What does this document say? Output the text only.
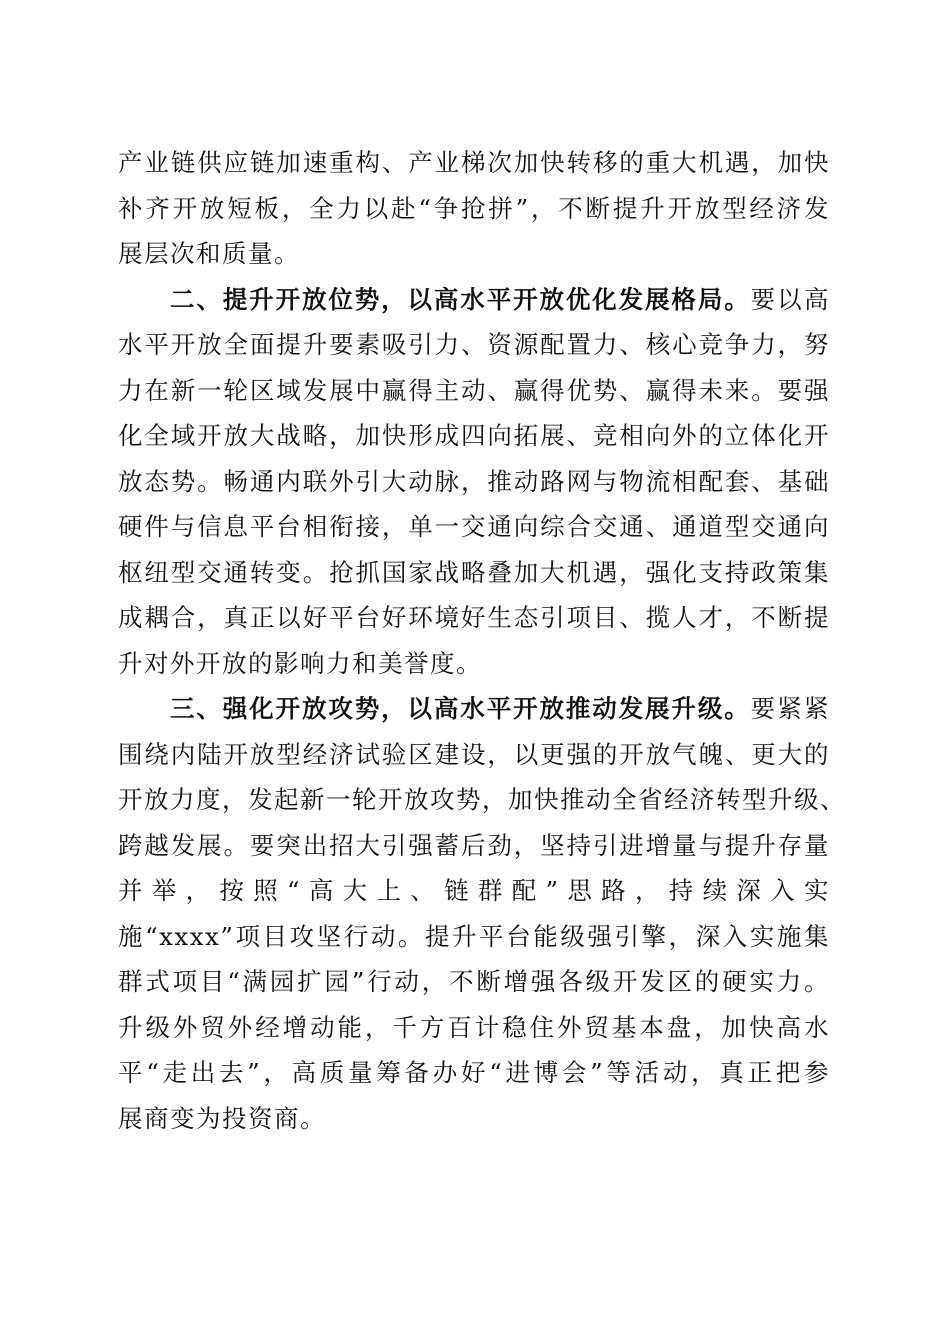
产业链供应链加速重构、产业梯次加快转移的重大机遇，加快
补齐开放短板，全力以赴“争抢拼”，不断提升开放型经济发
展层次和质量。
二、提升开放位势，以高水平开放优化发展格局。要以高
水平开放全面提升要素吸引力、资源配置力、核心竞争力，努
力在新一轮区域发展中赢得主动、赢得优势、赢得未来。要强
化全域开放大战略，加快形成四向拓展、竞相向外的立体化开
放态势。畅通内联外引大动脉，推动路网与物流相配套、基础
硬件与信息平台相衔接，单一交通向综合交通、通道型交通向
枢纽型交通转变。抢抓国家战略叠加大机遇，强化支持政策集
成耦合，真正以好平台好环境好生态引项目、揽人才，不断提
升对外开放的影响力和美誉度。
三、强化开放攻势，以高水平开放推动发展升级。要紧紧
围绕内陆开放型经济试验区建设，以更强的开放气魄、更大的
开放力度，发起新一轮开放攻势，加快推动全省经济转型升级、
跨越发展。要突出招大引强蓄后劲，坚持引进增量与提升存量
并举，按照“高大上、链群配”思路，持续深入实
施“xxxx”项目攻坚行动。提升平台能级强引擎，深入实施集
群式项目“满园扩园”行动，不断增强各级开发区的硬实力。
升级外贸外经增动能，千方百计稳住外贸基本盘，加快高水
平“走出去”，高质量筹备办好“进博会”等活动，真正把参
展商变为投资商。
